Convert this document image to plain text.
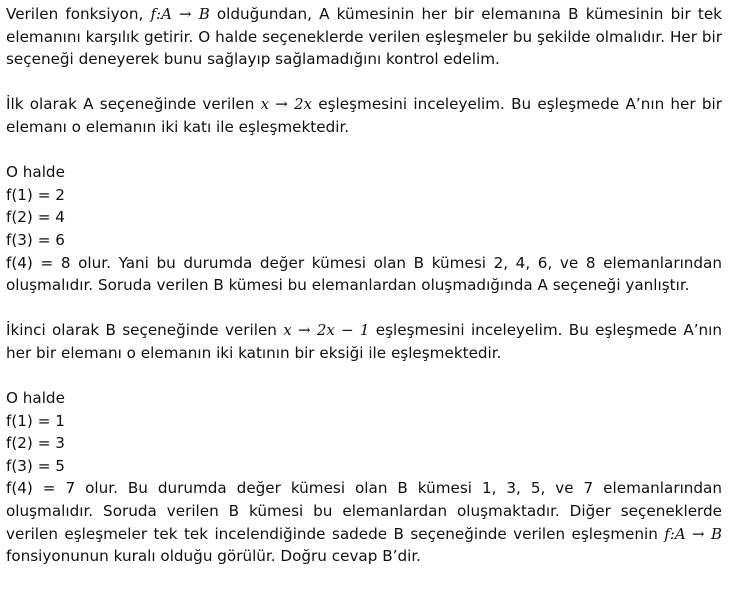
Verilen fonksiyon, f:A → B olduğundan, A kümesinin her bir elemanına B kümesinin bir tek elemanını karşılık getirir. O halde seçeneklerde verilen eşleşmeler bu şekilde olmalıdır. Her bir seçeneği deneyerek bunu sağlayıp sağlamadığını kontrol edelim.

İlk olarak A seçeneğinde verilen x → 2x eşleşmesini inceleyelim. Bu eşleşmede A’nın her bir elemanı o elemanın iki katı ile eşleşmektedir.

O halde

f(1) = 2

f(2) = 4

f(3) = 6

f(4) = 8 olur. Yani bu durumda değer kümesi olan B kümesi 2, 4, 6, ve 8 elemanlarından oluşmalıdır. Soruda verilen B kümesi bu elemanlardan oluşmadığında A seçeneği yanlıştır.

İkinci olarak B seçeneğinde verilen x → 2x − 1 eşleşmesini inceleyelim. Bu eşleşmede A’nın her bir elemanı o elemanın iki katının bir eksiği ile eşleşmektedir.

O halde

f(1) = 1

f(2) = 3

f(3) = 5

f(4) = 7 olur. Bu durumda değer kümesi olan B kümesi 1, 3, 5, ve 7 elemanlarından oluşmalıdır. Soruda verilen B kümesi bu elemanlardan oluşmaktadır. Diğer seçeneklerde verilen eşleşmeler tek tek incelendiğinde sadede B seçeneğinde verilen eşleşmenin f:A → B fonsiyonunun kuralı olduğu görülür. Doğru cevap B’dir.
